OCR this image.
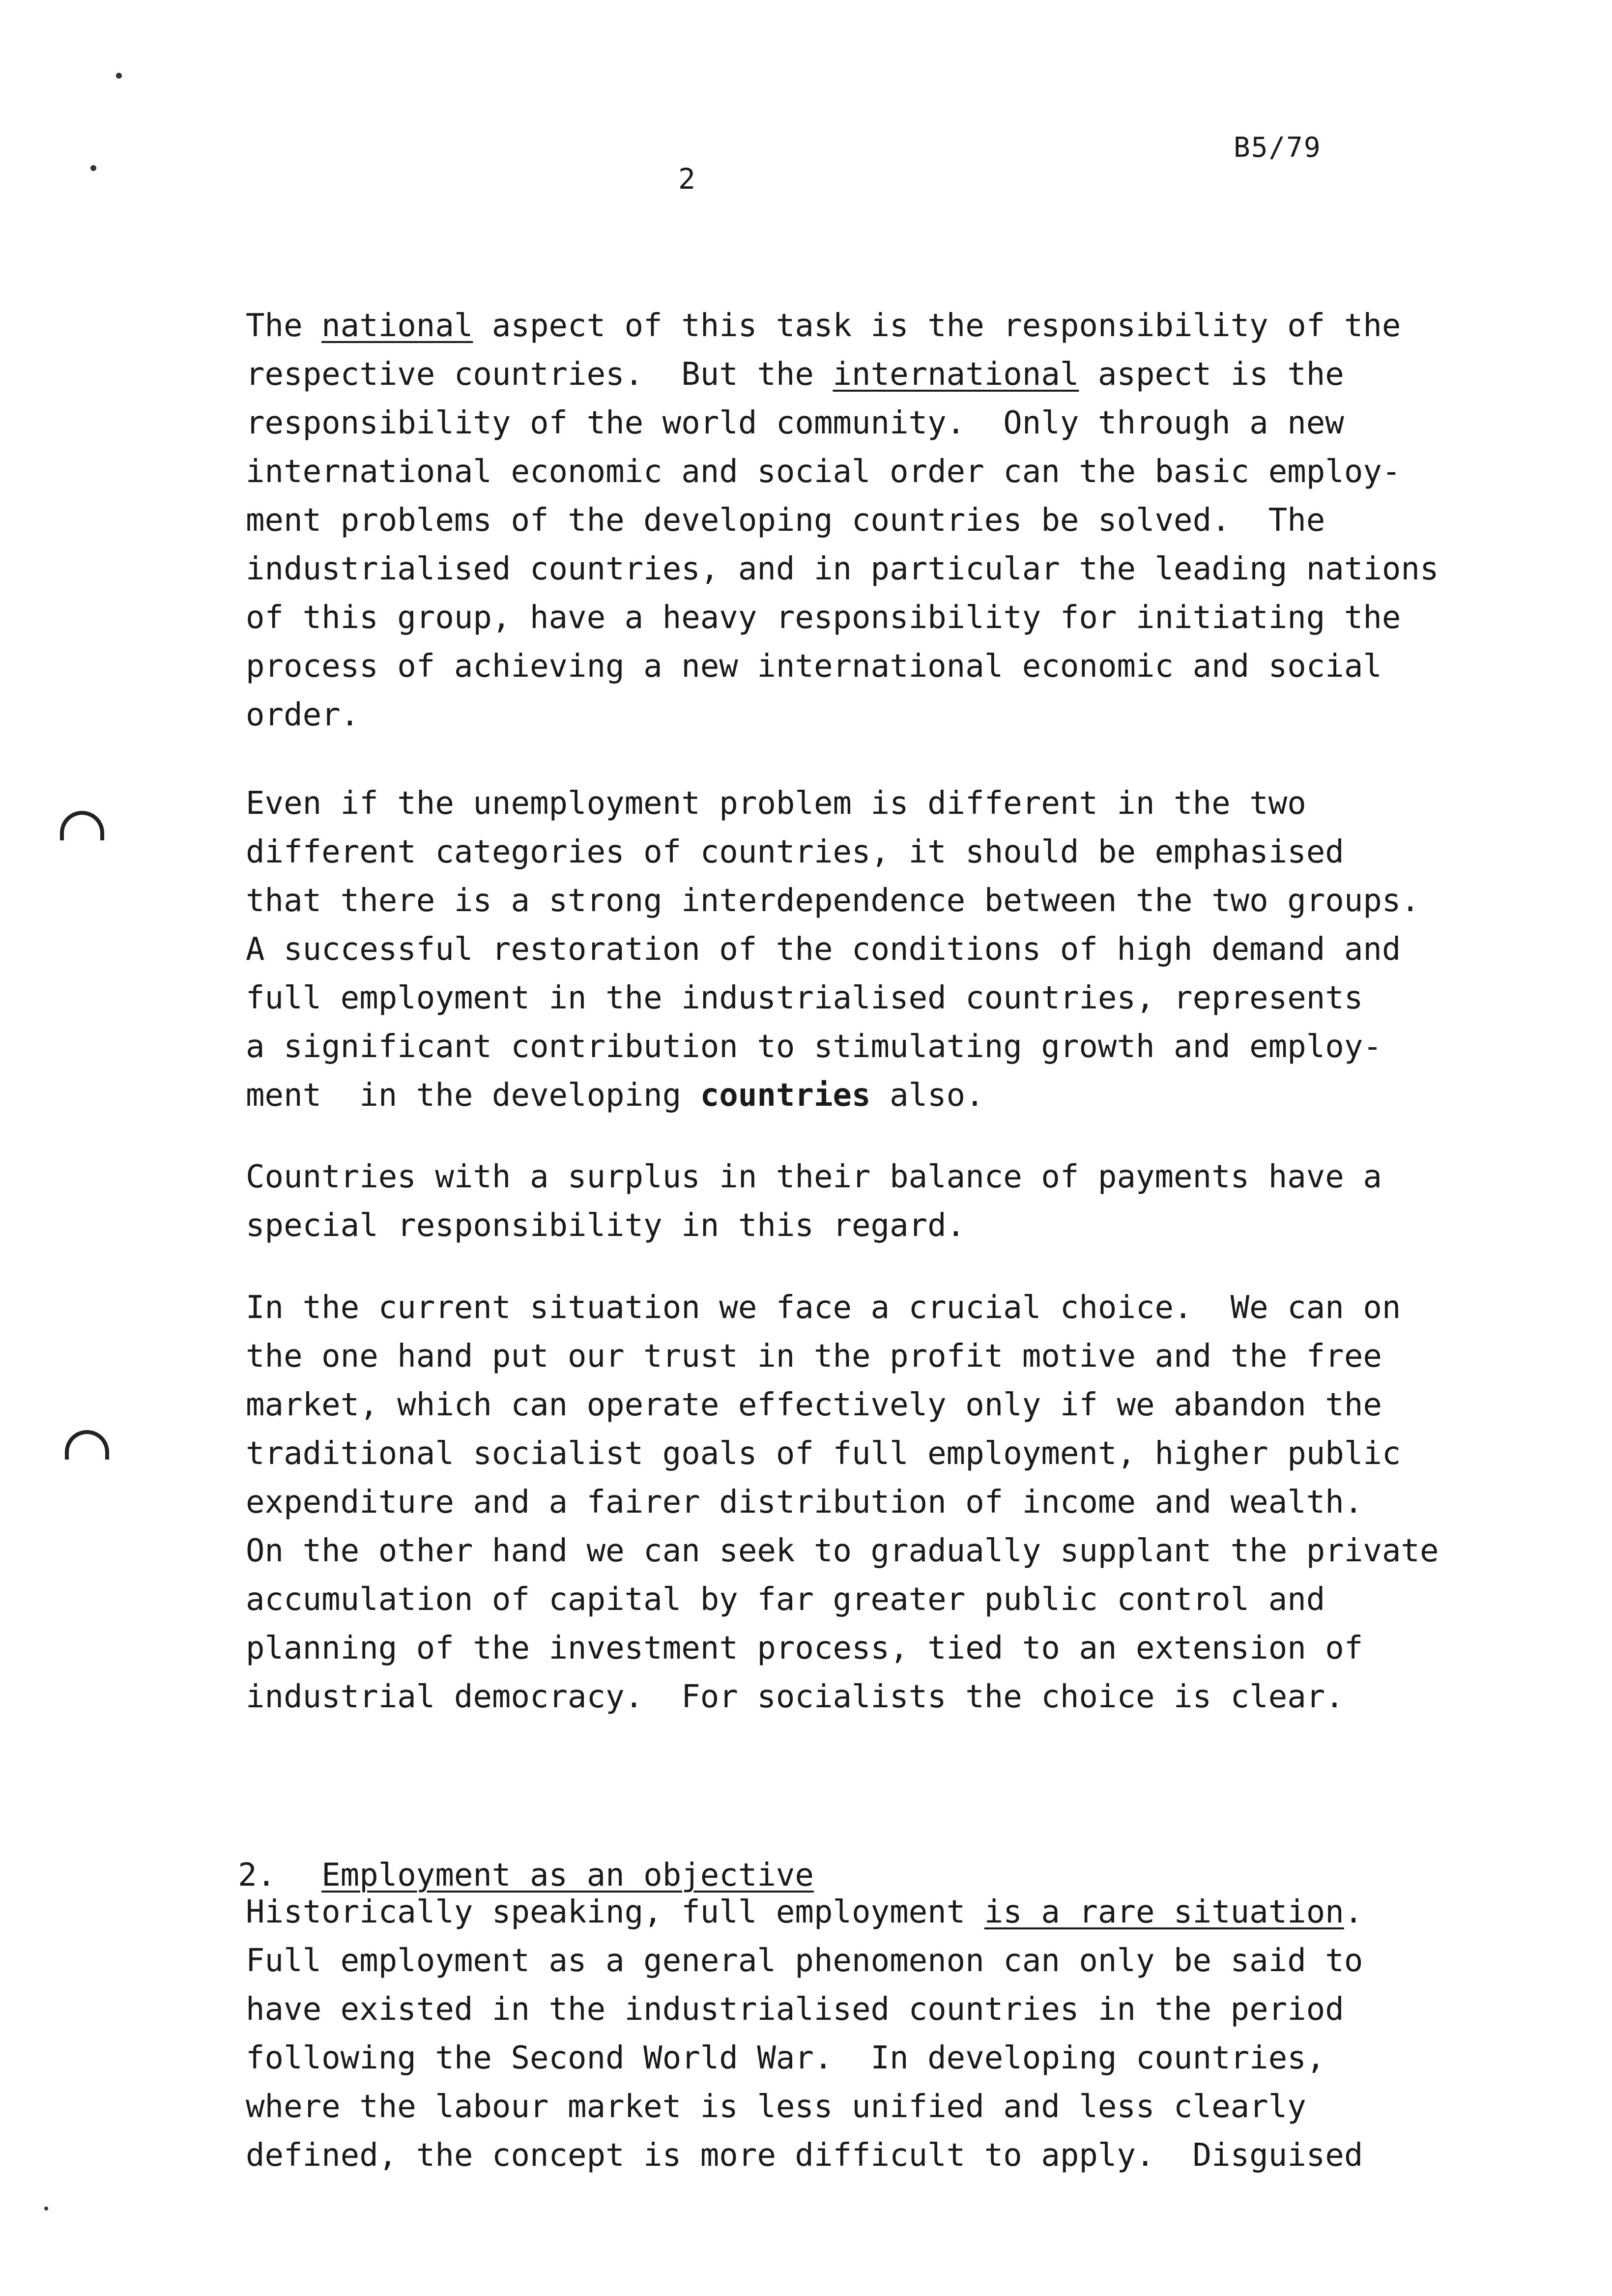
B5/79
2

The national aspect of this task is the responsibility of the

respective countries.  But the international aspect is the

responsibility of the world community.  Only through a new

international economic and social order can the basic employ-

ment problems of the developing countries be solved.  The

industrialised countries, and in particular the leading nations

of this group, have a heavy responsibility for initiating the

process of achieving a new international economic and social

order.

Even if the unemployment problem is different in the two

different categories of countries, it should be emphasised

that there is a strong interdependence between the two groups.

A successful restoration of the conditions of high demand and

full employment in the industrialised countries, represents

a significant contribution to stimulating growth and employ-

ment  in the developing countries also.

Countries with a surplus in their balance of payments have a

special responsibility in this regard.

In the current situation we face a crucial choice.  We can on

the one hand put our trust in the profit motive and the free

market, which can operate effectively only if we abandon the

traditional socialist goals of full employment, higher public

expenditure and a fairer distribution of income and wealth.

On the other hand we can seek to gradually supplant the private

accumulation of capital by far greater public control and

planning of the investment process, tied to an extension of

industrial democracy.  For socialists the choice is clear.

2. Employment as an objective

Historically speaking, full employment is a rare situation.

Full employment as a general phenomenon can only be said to

have existed in the industrialised countries in the period

following the Second World War.  In developing countries,

where the labour market is less unified and less clearly

defined, the concept is more difficult to apply.  Disguised
